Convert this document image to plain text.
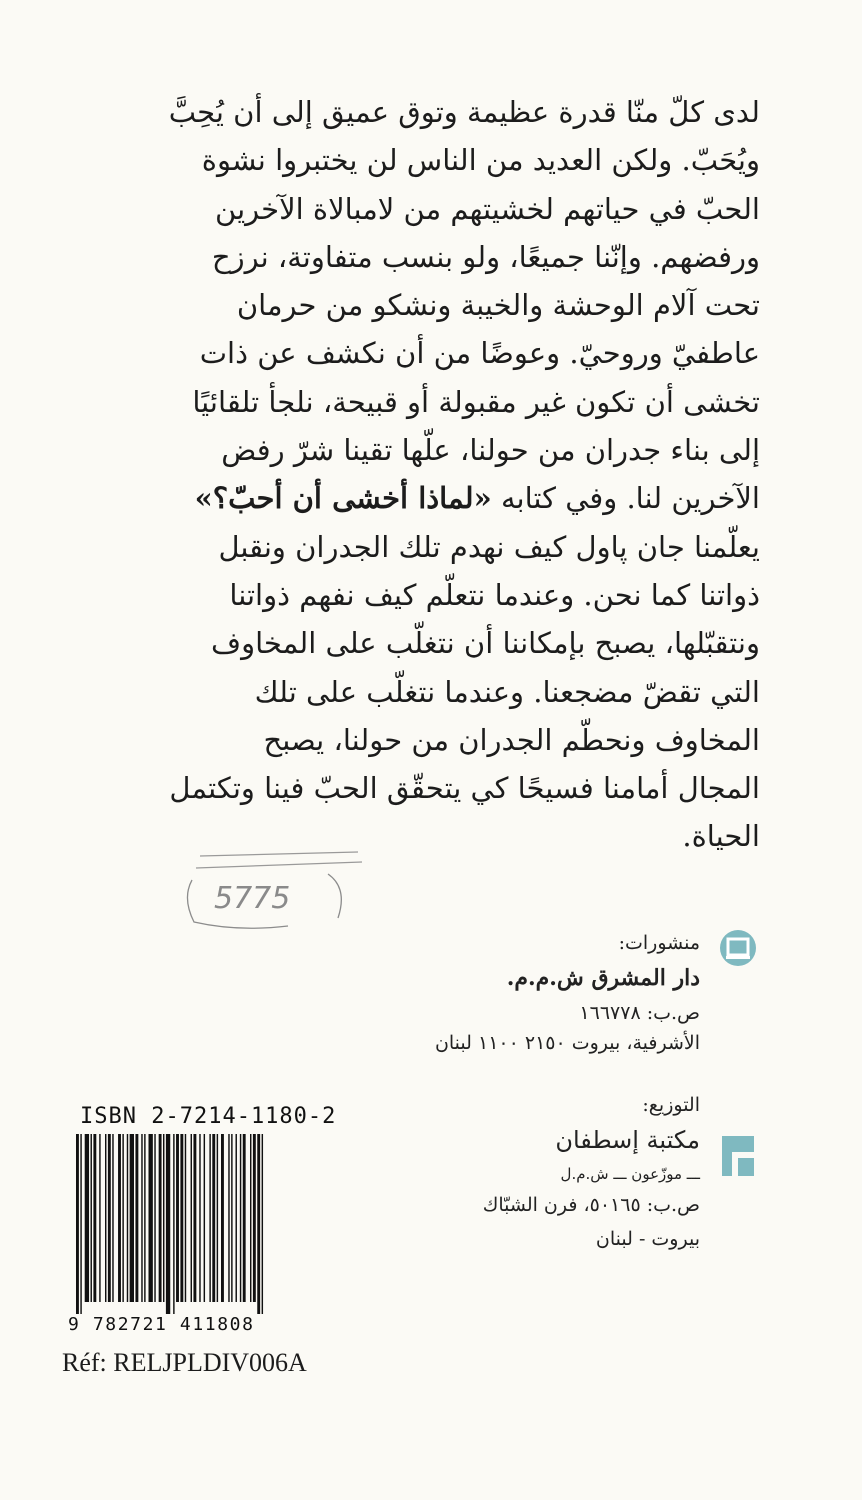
لدى كلّ منّا قدرة عظيمة وتوق عميق إلى أن يُحِبَّ
ويُحَبّ. ولكن العديد من الناس لن يختبروا نشوة
الحبّ في حياتهم لخشيتهم من لامبالاة الآخرين
ورفضهم. وإنّنا جميعًا، ولو بنسب متفاوتة، نرزح
تحت آلام الوحشة والخيبة ونشكو من حرمان
عاطفيّ وروحيّ. وعوضًا من أن نكشف عن ذات
تخشى أن تكون غير مقبولة أو قبيحة، نلجأ تلقائيًا
إلى بناء جدران من حولنا، علّها تقينا شرّ رفض
الآخرين لنا. وفي كتابه «لماذا أخشى أن أحبّ؟»
يعلّمنا جان پاول كيف نهدم تلك الجدران ونقبل
ذواتنا كما نحن. وعندما نتعلّم كيف نفهم ذواتنا
ونتقبّلها، يصبح بإمكاننا أن نتغلّب على المخاوف
التي تقضّ مضجعنا. وعندما نتغلّب على تلك
المخاوف ونحطّم الجدران من حولنا، يصبح
المجال أمامنا فسيحًا كي يتحقّق الحبّ فينا وتكتمل
الحياة.
5775
منشورات:
دار المشرق ش.م.م.
ص.ب: ١٦٦٧٧٨
الأشرفية، بيروت ٢١٥٠ ١١٠٠ لبنان
التوزيع:
مكتبة إسطفان
ـــ موزّعون ـــ ش.م.ل
ص.ب: ٥٠١٦٥، فرن الشبّاك
بيروت - لبنان
ISBN 2-7214-1180-2
9 782721 411808
Réf: RELJPLDIV006A
